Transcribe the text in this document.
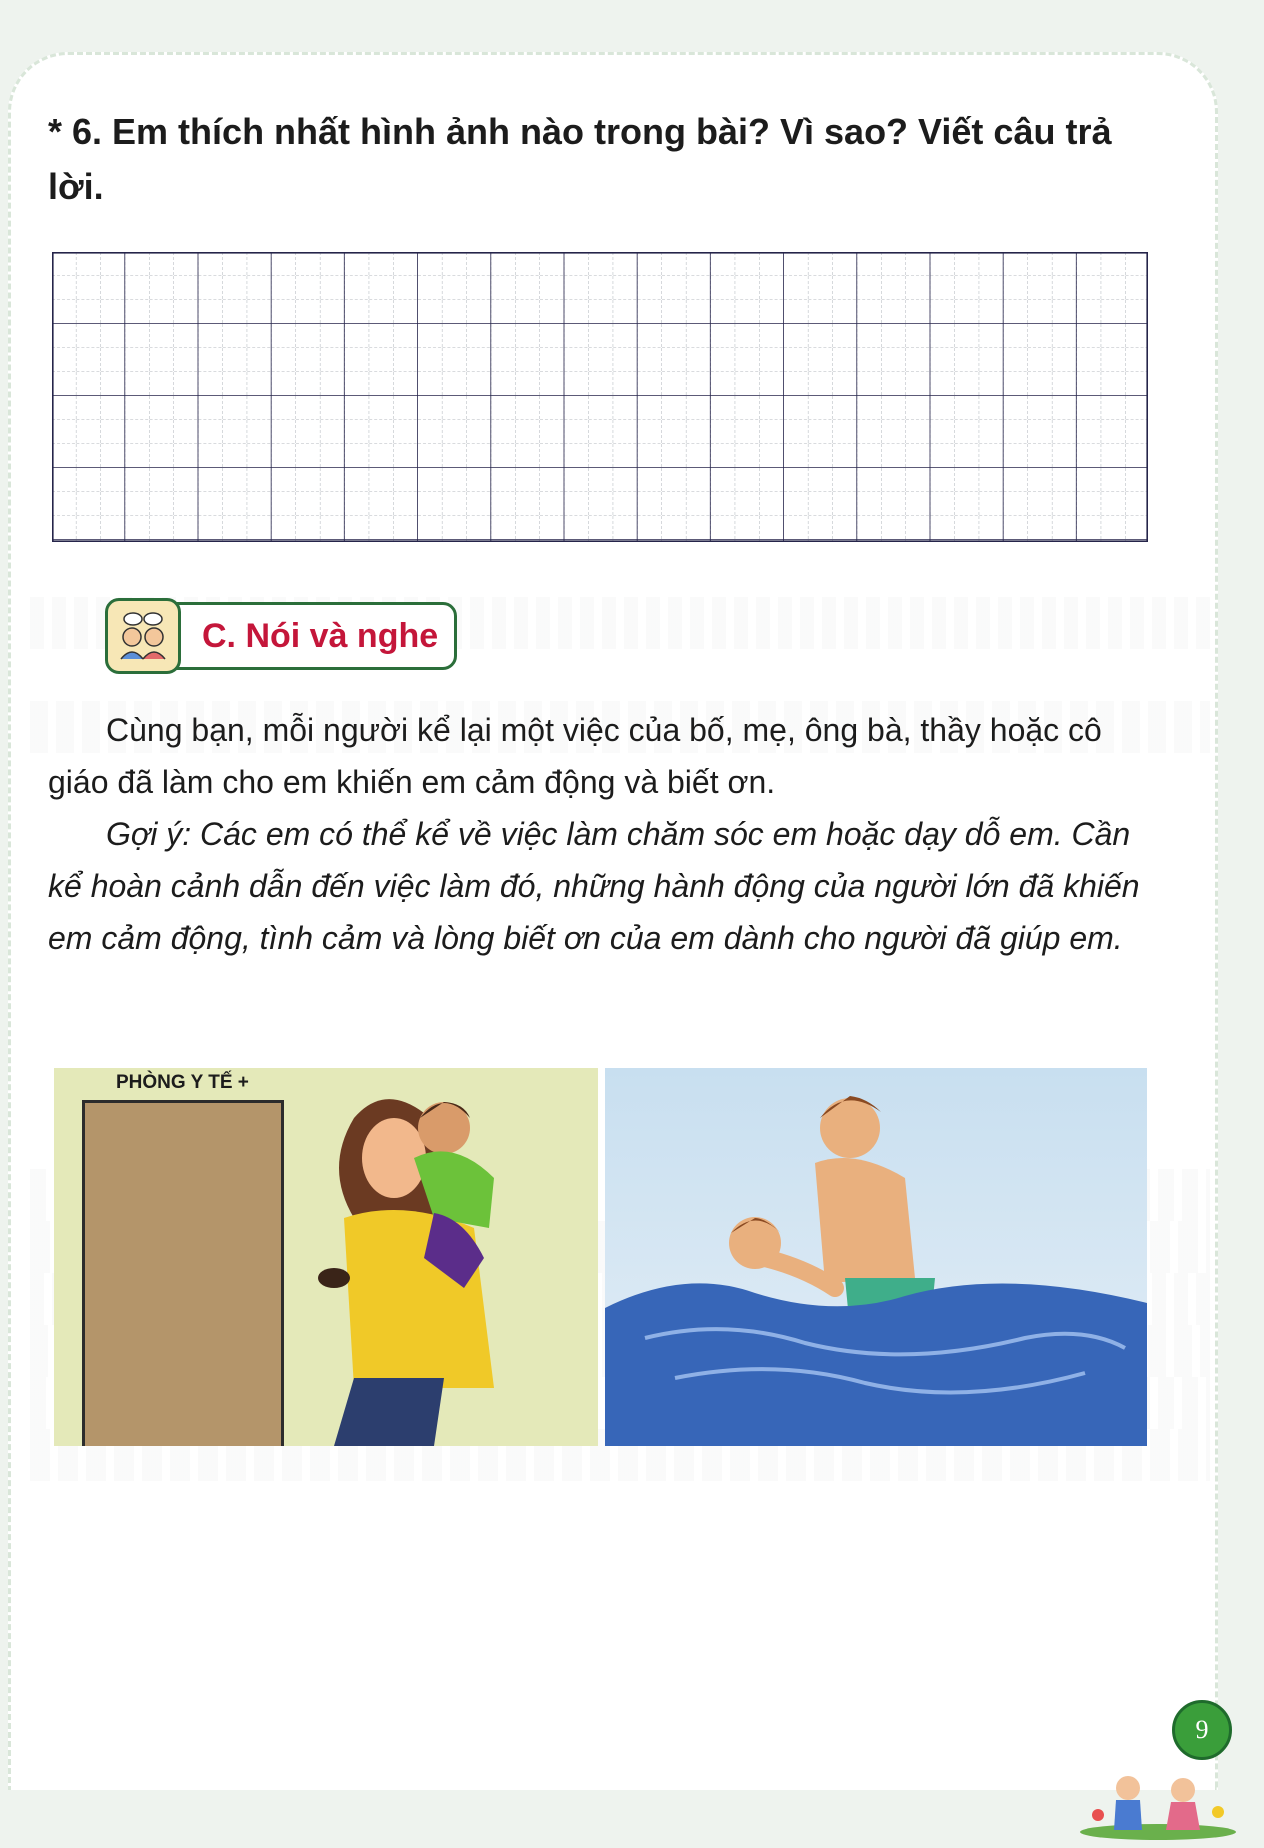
* 6. Em thích nhất hình ảnh nào trong bài? Vì sao? Viết câu trả lời.
C. Nói và nghe
Cùng bạn, mỗi người kể lại một việc của bố, mẹ, ông bà, thầy hoặc cô giáo đã làm cho em khiến em cảm động và biết ơn.
Gợi ý: Các em có thể kể về việc làm chăm sóc em hoặc dạy dỗ em. Cần kể hoàn cảnh dẫn đến việc làm đó, những hành động của người lớn đã khiến em cảm động, tình cảm và lòng biết ơn của em dành cho người đã giúp em.
PHÒNG Y TẾ +
9
